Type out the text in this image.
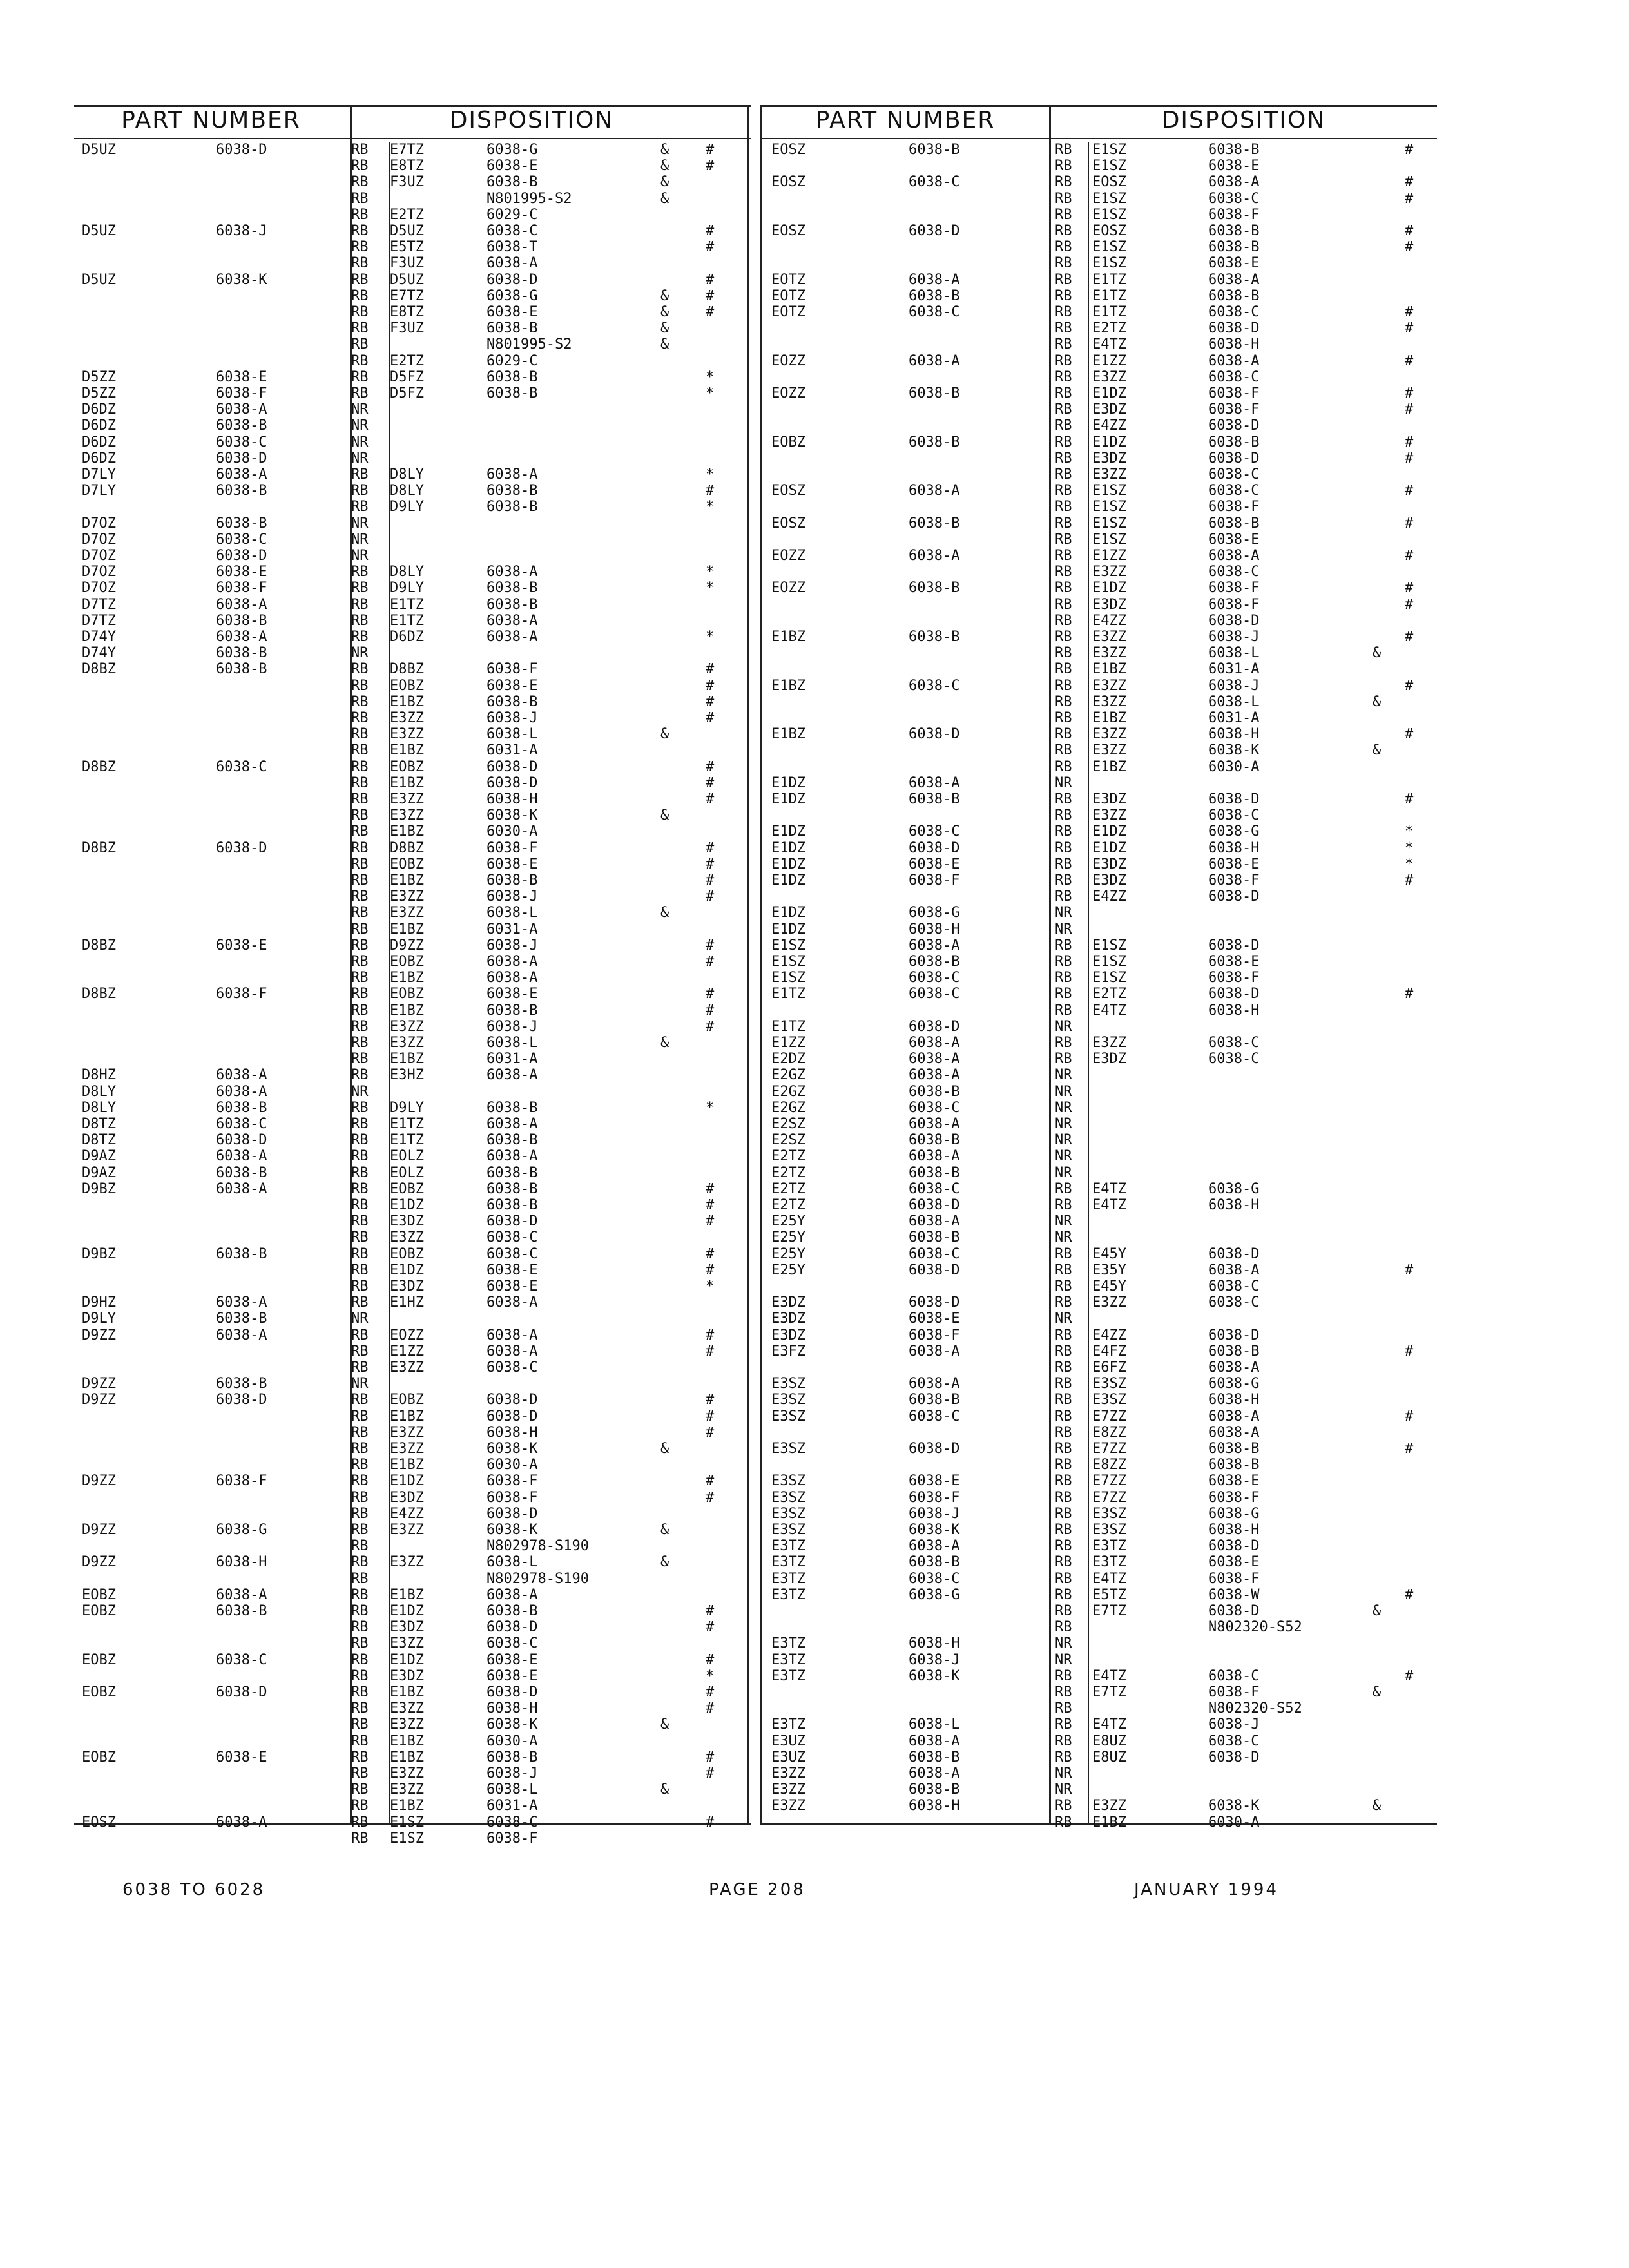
PART NUMBER	DISPOSITION	PART NUMBER	DISPOSITION
D5UZ	6038-D	RB E7TZ	6038-G	&	#
RB E8TZ	6038-E	&	#
RB F3UZ	6038-B	&
RB	N801995-S2	&
RB E2TZ	6029-C
D5UZ	6038-J	RB D5UZ	6038-C	#
RB E5TZ	6038-T	#
RB F3UZ	6038-A
D5UZ	6038-K	RB D5UZ	6038-D	#
RB E7TZ	6038-G	&	#
RB E8TZ	6038-E	&	#
RB F3UZ	6038-B	&
RB	N801995-S2	&
RB E2TZ	6029-C
D5ZZ	6038-E	RB D5FZ	6038-B	*
D5ZZ	6038-F	RB D5FZ	6038-B	*
D6DZ	6038-A	NR
D6DZ	6038-B	NR
D6DZ	6038-C	NR
D6DZ	6038-D	NR
D7LY	6038-A	RB D8LY	6038-A	*
D7LY	6038-B	RB D8LY	6038-B	#
RB D9LY	6038-B	*
D7OZ	6038-B	NR
D7OZ	6038-C	NR
D7OZ	6038-D	NR
D7OZ	6038-E	RB D8LY	6038-A	*
D7OZ	6038-F	RB D9LY	6038-B	*
D7TZ	6038-A	RB E1TZ	6038-B
D7TZ	6038-B	RB E1TZ	6038-A
D74Y	6038-A	RB D6DZ	6038-A	*
D74Y	6038-B	NR
D8BZ	6038-B	RB D8BZ	6038-F	#
RB EOBZ	6038-E	#
RB E1BZ	6038-B	#
RB E3ZZ	6038-J	#
RB E3ZZ	6038-L	&
RB E1BZ	6031-A
D8BZ	6038-C	RB EOBZ	6038-D	#
RB E1BZ	6038-D	#
RB E3ZZ	6038-H	#
RB E3ZZ	6038-K	&
RB E1BZ	6030-A
D8BZ	6038-D	RB D8BZ	6038-F	#
RB EOBZ	6038-E	#
RB E1BZ	6038-B	#
RB E3ZZ	6038-J	#
RB E3ZZ	6038-L	&
RB E1BZ	6031-A
D8BZ	6038-E	RB D9ZZ	6038-J	#
RB EOBZ	6038-A	#
RB E1BZ	6038-A
D8BZ	6038-F	RB EOBZ	6038-E	#
RB E1BZ	6038-B	#
RB E3ZZ	6038-J	#
RB E3ZZ	6038-L	&
RB E1BZ	6031-A
D8HZ	6038-A	RB E3HZ	6038-A
D8LY	6038-A	NR
D8LY	6038-B	RB D9LY	6038-B	*
D8TZ	6038-C	RB E1TZ	6038-A
D8TZ	6038-D	RB E1TZ	6038-B
D9AZ	6038-A	RB EOLZ	6038-A
D9AZ	6038-B	RB EOLZ	6038-B
D9BZ	6038-A	RB EOBZ	6038-B	#
RB E1DZ	6038-B	#
RB E3DZ	6038-D	#
RB E3ZZ	6038-C
D9BZ	6038-B	RB EOBZ	6038-C	#
RB E1DZ	6038-E	#
RB E3DZ	6038-E	*
D9HZ	6038-A	RB E1HZ	6038-A
D9LY	6038-B	NR
D9ZZ	6038-A	RB EOZZ	6038-A	#
RB E1ZZ	6038-A	#
RB E3ZZ	6038-C
D9ZZ	6038-B	NR
D9ZZ	6038-D	RB EOBZ	6038-D	#
RB E1BZ	6038-D	#
RB E3ZZ	6038-H	#
RB E3ZZ	6038-K	&
RB E1BZ	6030-A
D9ZZ	6038-F	RB E1DZ	6038-F	#
RB E3DZ	6038-F	#
RB E4ZZ	6038-D
D9ZZ	6038-G	RB E3ZZ	6038-K	&
RB	N802978-S190
D9ZZ	6038-H	RB E3ZZ	6038-L	&
RB	N802978-S190
EOBZ	6038-A	RB E1BZ	6038-A
EOBZ	6038-B	RB E1DZ	6038-B	#
RB E3DZ	6038-D	#
RB E3ZZ	6038-C
EOBZ	6038-C	RB E1DZ	6038-E	#
RB E3DZ	6038-E	*
EOBZ	6038-D	RB E1BZ	6038-D	#
RB E3ZZ	6038-H	#
RB E3ZZ	6038-K	&
RB E1BZ	6030-A
EOBZ	6038-E	RB E1BZ	6038-B	#
RB E3ZZ	6038-J	#
RB E3ZZ	6038-L	&
RB E1BZ	6031-A
EOSZ	6038-A	RB E1SZ	6038-C	#
RB E1SZ	6038-F
EOSZ	6038-B	RB E1SZ	6038-B	#
RB E1SZ	6038-E
EOSZ	6038-C	RB EOSZ	6038-A	#
RB E1SZ	6038-C	#
RB E1SZ	6038-F
EOSZ	6038-D	RB EOSZ	6038-B	#
RB E1SZ	6038-B	#
RB E1SZ	6038-E
EOTZ	6038-A	RB E1TZ	6038-A
EOTZ	6038-B	RB E1TZ	6038-B
EOTZ	6038-C	RB E1TZ	6038-C	#
RB E2TZ	6038-D	#
RB E4TZ	6038-H
EOZZ	6038-A	RB E1ZZ	6038-A	#
RB E3ZZ	6038-C
EOZZ	6038-B	RB E1DZ	6038-F	#
RB E3DZ	6038-F	#
RB E4ZZ	6038-D
EOBZ	6038-B	RB E1DZ	6038-B	#
RB E3DZ	6038-D	#
RB E3ZZ	6038-C
EOSZ	6038-A	RB E1SZ	6038-C	#
RB E1SZ	6038-F
EOSZ	6038-B	RB E1SZ	6038-B	#
RB E1SZ	6038-E
EOZZ	6038-A	RB E1ZZ	6038-A	#
RB E3ZZ	6038-C
EOZZ	6038-B	RB E1DZ	6038-F	#
RB E3DZ	6038-F	#
RB E4ZZ	6038-D
E1BZ	6038-B	RB E3ZZ	6038-J	#
RB E3ZZ	6038-L	&
RB E1BZ	6031-A
E1BZ	6038-C	RB E3ZZ	6038-J	#
RB E3ZZ	6038-L	&
RB E1BZ	6031-A
E1BZ	6038-D	RB E3ZZ	6038-H	#
RB E3ZZ	6038-K	&
RB E1BZ	6030-A
E1DZ	6038-A	NR
E1DZ	6038-B	RB E3DZ	6038-D	#
RB E3ZZ	6038-C
E1DZ	6038-C	RB E1DZ	6038-G	*
E1DZ	6038-D	RB E1DZ	6038-H	*
E1DZ	6038-E	RB E3DZ	6038-E	*
E1DZ	6038-F	RB E3DZ	6038-F	#
RB E4ZZ	6038-D
E1DZ	6038-G	NR
E1DZ	6038-H	NR
E1SZ	6038-A	RB E1SZ	6038-D
E1SZ	6038-B	RB E1SZ	6038-E
E1SZ	6038-C	RB E1SZ	6038-F
E1TZ	6038-C	RB E2TZ	6038-D	#
RB E4TZ	6038-H
E1TZ	6038-D	NR
E1ZZ	6038-A	RB E3ZZ	6038-C
E2DZ	6038-A	RB E3DZ	6038-C
E2GZ	6038-A	NR
E2GZ	6038-B	NR
E2GZ	6038-C	NR
E2SZ	6038-A	NR
E2SZ	6038-B	NR
E2TZ	6038-A	NR
E2TZ	6038-B	NR
E2TZ	6038-C	RB E4TZ	6038-G
E2TZ	6038-D	RB E4TZ	6038-H
E25Y	6038-A	NR
E25Y	6038-B	NR
E25Y	6038-C	RB E45Y	6038-D
E25Y	6038-D	RB E35Y	6038-A	#
RB E45Y	6038-C
E3DZ	6038-D	RB E3ZZ	6038-C
E3DZ	6038-E	NR
E3DZ	6038-F	RB E4ZZ	6038-D
E3FZ	6038-A	RB E4FZ	6038-B	#
RB E6FZ	6038-A
E3SZ	6038-A	RB E3SZ	6038-G
E3SZ	6038-B	RB E3SZ	6038-H
E3SZ	6038-C	RB E7ZZ	6038-A	#
RB E8ZZ	6038-A
E3SZ	6038-D	RB E7ZZ	6038-B	#
RB E8ZZ	6038-B
E3SZ	6038-E	RB E7ZZ	6038-E
E3SZ	6038-F	RB E7ZZ	6038-F
E3SZ	6038-J	RB E3SZ	6038-G
E3SZ	6038-K	RB E3SZ	6038-H
E3TZ	6038-A	RB E3TZ	6038-D
E3TZ	6038-B	RB E3TZ	6038-E
E3TZ	6038-C	RB E4TZ	6038-F
E3TZ	6038-G	RB E5TZ	6038-W	#
RB E7TZ	6038-D	&
RB	N802320-S52
E3TZ	6038-H	NR
E3TZ	6038-J	NR
E3TZ	6038-K	RB E4TZ	6038-C	#
RB E7TZ	6038-F	&
RB	N802320-S52
E3TZ	6038-L	RB E4TZ	6038-J
E3UZ	6038-A	RB E8UZ	6038-C
E3UZ	6038-B	RB E8UZ	6038-D
E3ZZ	6038-A	NR
E3ZZ	6038-B	NR
E3ZZ	6038-H	RB E3ZZ	6038-K	&
RB E1BZ	6030-A
6038 TO 6028	PAGE 208	JANUARY 1994
